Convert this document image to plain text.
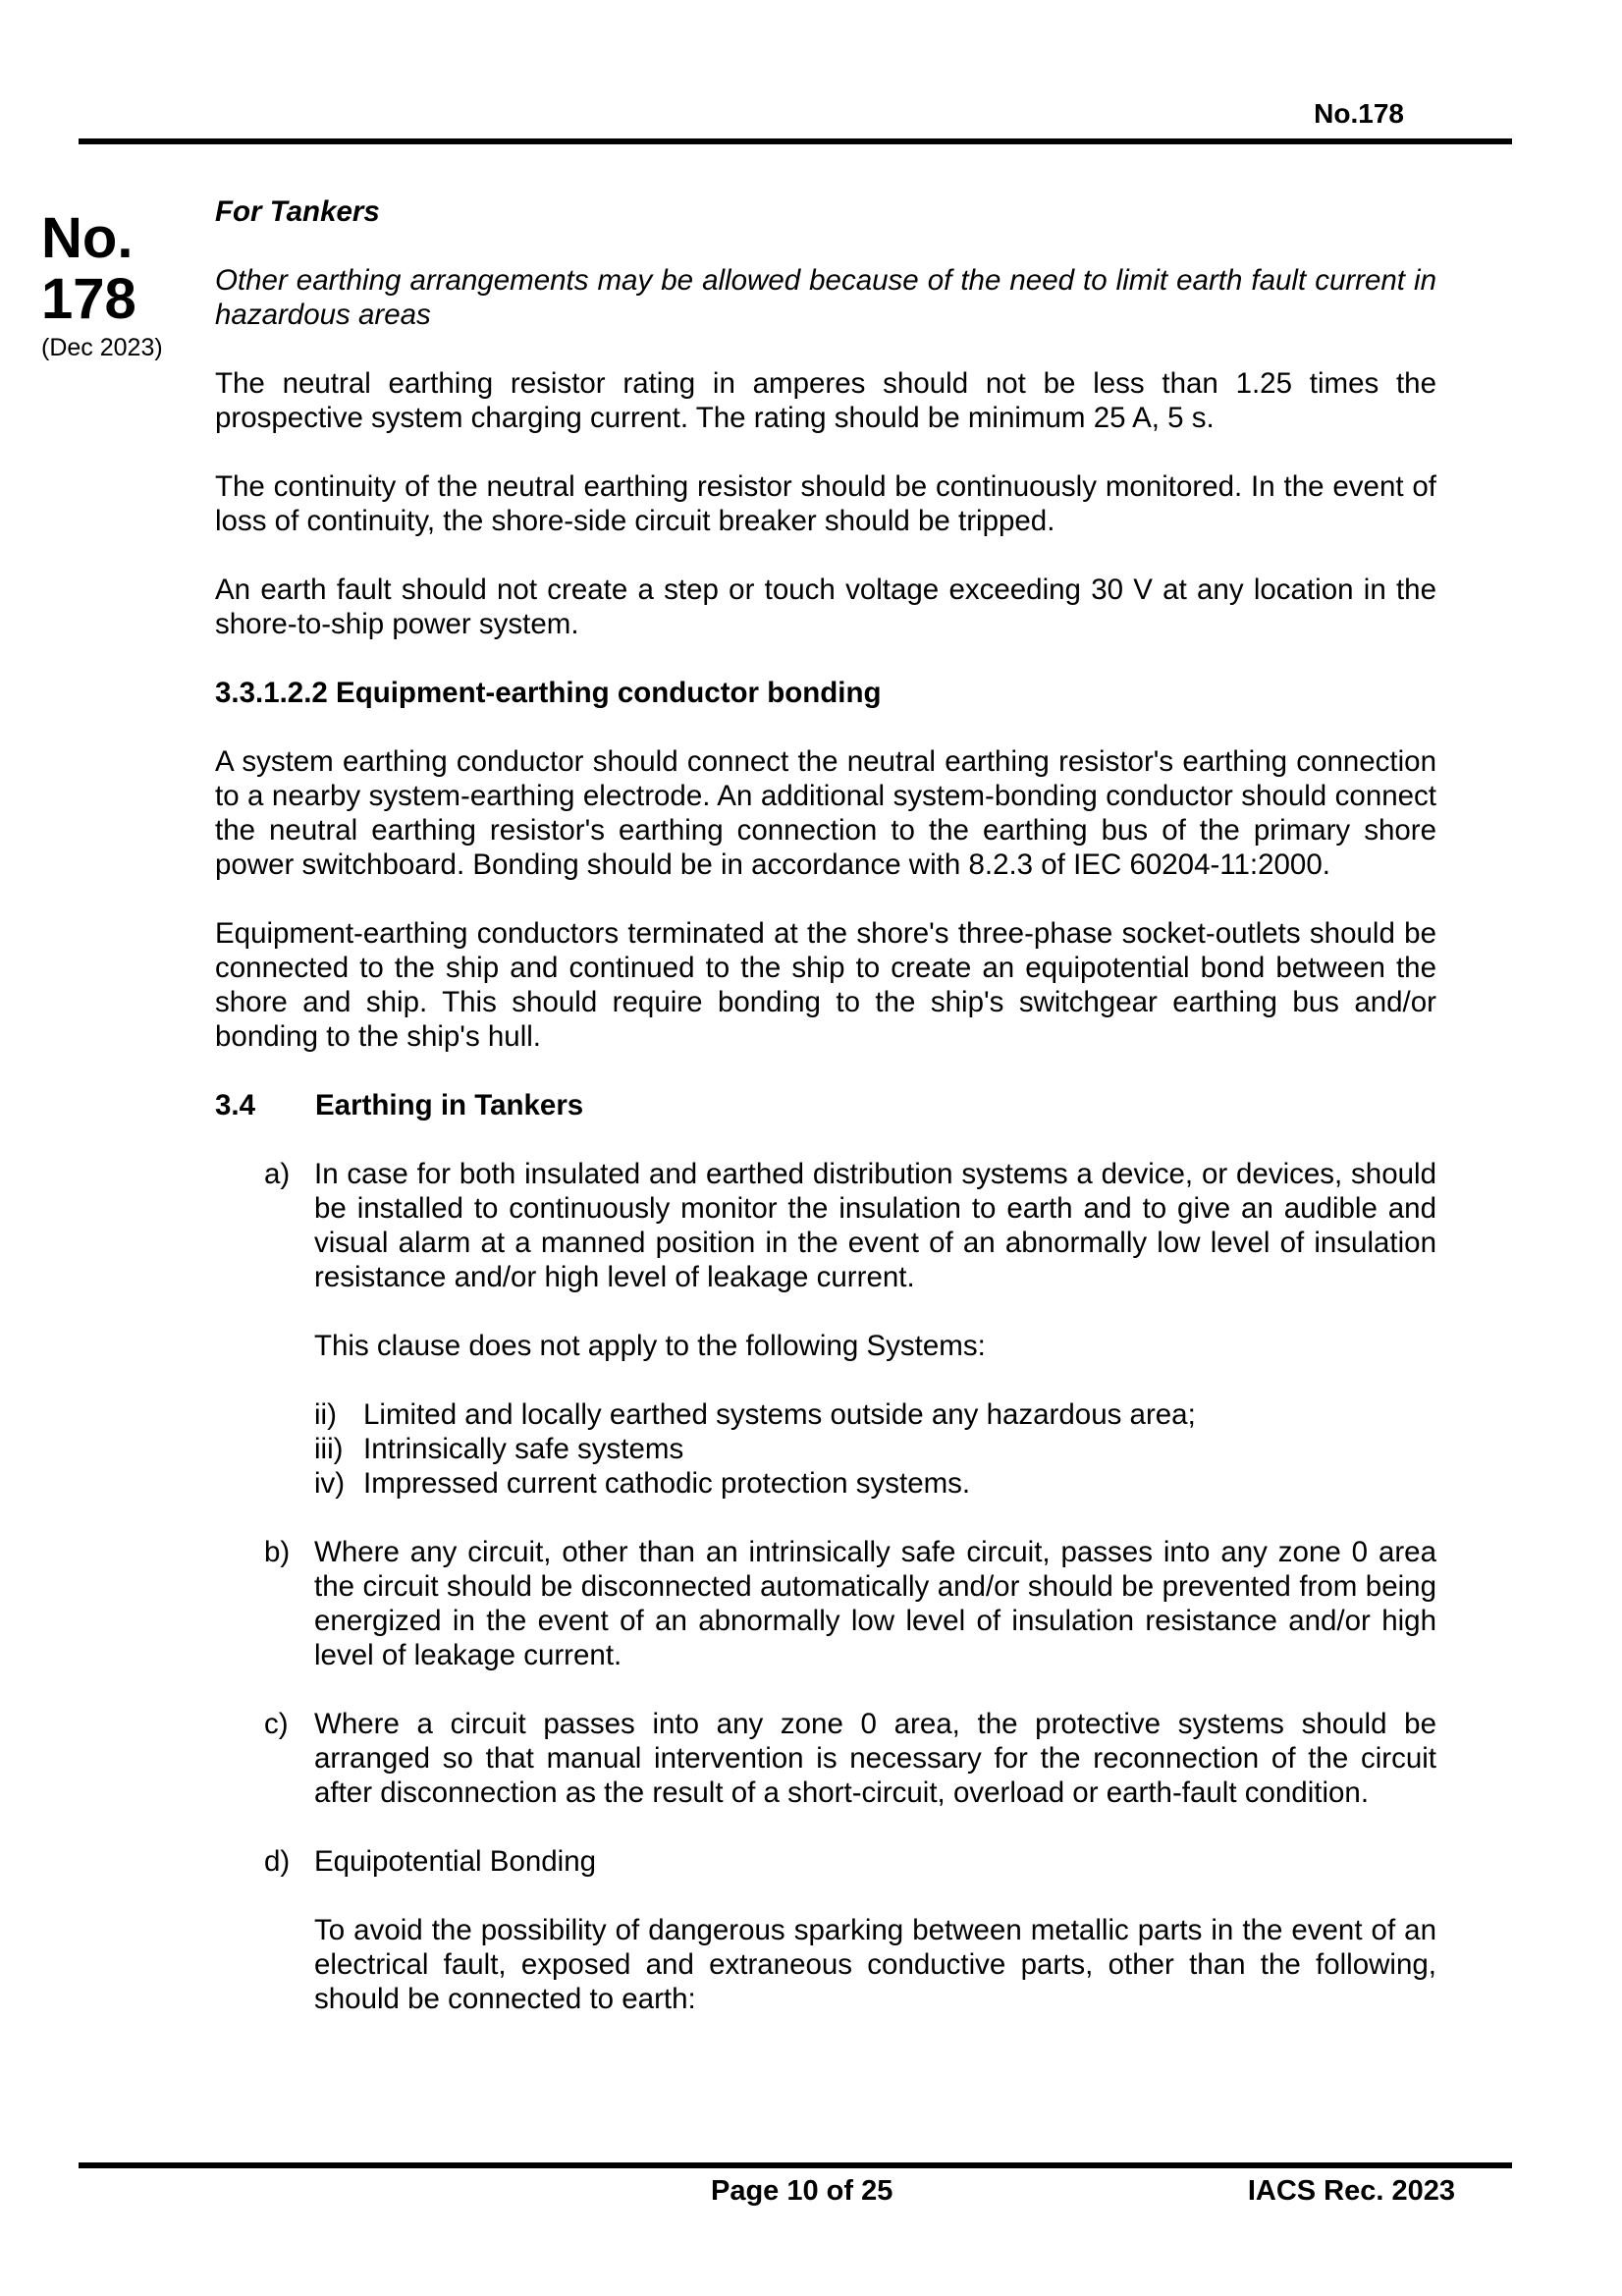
No.178
No.
178
(Dec 2023)

For Tankers

Other earthing arrangements may be allowed because of the need to limit earth fault current in hazardous areas

The neutral earthing resistor rating in amperes should not be less than 1.25 times the prospective system charging current. The rating should be minimum 25 A, 5 s.

The continuity of the neutral earthing resistor should be continuously monitored. In the event of loss of continuity, the shore-side circuit breaker should be tripped.

An earth fault should not create a step or touch voltage exceeding 30 V at any location in the shore-to-ship power system.

3.3.1.2.2 Equipment-earthing conductor bonding

A system earthing conductor should connect the neutral earthing resistor's earthing connection to a nearby system-earthing electrode. An additional system-bonding conductor should connect the neutral earthing resistor's earthing connection to the earthing bus of the primary shore power switchboard. Bonding should be in accordance with 8.2.3 of IEC 60204-11:2000.

Equipment-earthing conductors terminated at the shore's three-phase socket-outlets should be connected to the ship and continued to the ship to create an equipotential bond between the shore and ship. This should require bonding to the ship's switchgear earthing bus and/or bonding to the ship's hull.

3.4 Earthing in Tankers
a) In case for both insulated and earthed distribution systems a device, or devices, should be installed to continuously monitor the insulation to earth and to give an audible and visual alarm at a manned position in the event of an abnormally low level of insulation resistance and/or high level of leakage current.

This clause does not apply to the following Systems:

ii) Limited and locally earthed systems outside any hazardous area;
iii) Intrinsically safe systems
iv) Impressed current cathodic protection systems.
b) Where any circuit, other than an intrinsically safe circuit, passes into any zone 0 area the circuit should be disconnected automatically and/or should be prevented from being energized in the event of an abnormally low level of insulation resistance and/or high level of leakage current.

c) Where a circuit passes into any zone 0 area, the protective systems should be arranged so that manual intervention is necessary for the reconnection of the circuit after disconnection as the result of a short-circuit, overload or earth-fault condition.

d) Equipotential Bonding

To avoid the possibility of dangerous sparking between metallic parts in the event of an electrical fault, exposed and extraneous conductive parts, other than the following, should be connected to earth:

Page 10 of 25	IACS Rec. 2023
